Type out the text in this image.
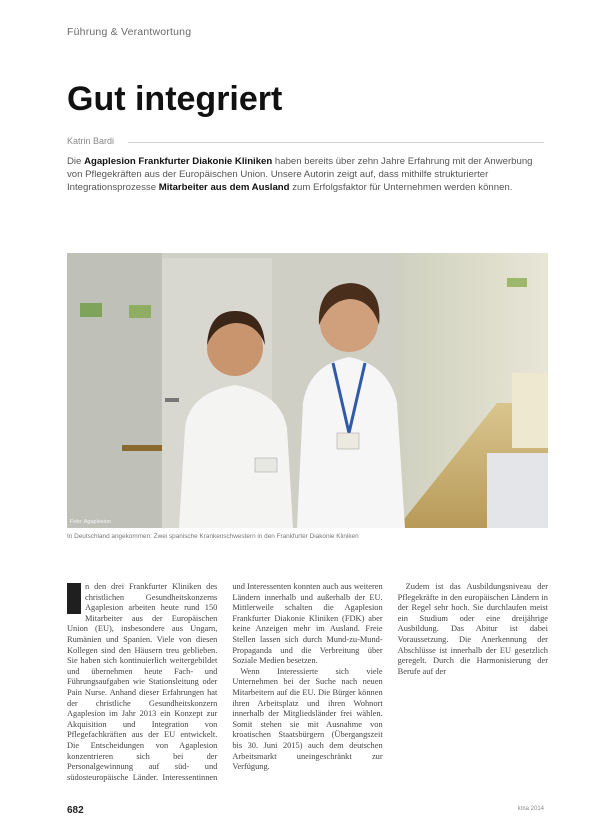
Führung & Verantwortung
Gut integriert
Katrin Bardi

Die Agaplesion Frankfurter Diakonie Kliniken haben bereits über zehn Jahre Erfahrung mit der Anwerbung von Pflegekräften aus der Europäischen Union. Unsere Autorin zeigt auf, dass mithilfe strukturierter Integrationsprozesse Mitarbeiter aus dem Ausland zum Erfolgsfaktor für Unternehmen werden können.

Foto: Agaplesion
In Deutschland angekommen: Zwei spanische Krankenschwestern in den Frankfurter Diakonie Kliniken

n den drei Frankfurter Kliniken des christlichen Gesundheitskonzerns Agaplesion arbeiten heute rund 150 Mitarbeiter aus der Europäischen Union (EU), insbesondere aus Ungarn, Rumänien und Spanien. Viele von diesen Kollegen sind den Häusern treu geblieben. Sie haben sich kontinuierlich weitergebildet und übernehmen heute Fach- und Führungsaufgaben wie Stationsleitung oder Pain Nurse. Anhand dieser Erfahrungen hat der christliche Gesundheitskonzern Agaplesion im Jahr 2013 ein Konzept zur Akquisition und Integration von Pflegefachkräften aus der EU entwickelt. Die Entscheidungen von Agaplesion konzentrieren sich bei der Personalgewinnung auf süd- und südosteuropäische Länder. Interessentinnen und Interessenten konnten auch aus weiteren Ländern innerhalb und außerhalb der EU. Mittlerweile schalten die Agaplesion Frankfurter Diakonie Kliniken (FDK) aber keine Anzeigen mehr im Ausland. Freie Stellen lassen sich durch Mund-zu-Mund-Propaganda und die Verbreitung über Soziale Medien besetzen.

Wenn Interessierte sich viele Unternehmen bei der Suche nach neuen Mitarbeitern auf die EU. Die Bürger können ihren Arbeitsplatz und ihren Wohnort innerhalb der Mitgliedsländer frei wählen. Somit stehen sie mit Ausnahme von kroatischen Staatsbürgern (Übergangszeit bis 30. Juni 2015) auch dem deutschen Arbeitsmarkt uneingeschränkt zur Verfügung.

Zudem ist das Ausbildungsniveau der Pflegekräfte in den europäischen Ländern in der Regel sehr hoch. Sie durchlaufen meist ein Studium oder eine dreijährige Ausbildung. Das Abitur ist dabei Voraussetzung. Die Anerkennung der Abschlüsse ist innerhalb der EU gesetzlich geregelt. Durch die Harmonisierung der Berufe auf der

682	kma 2014
